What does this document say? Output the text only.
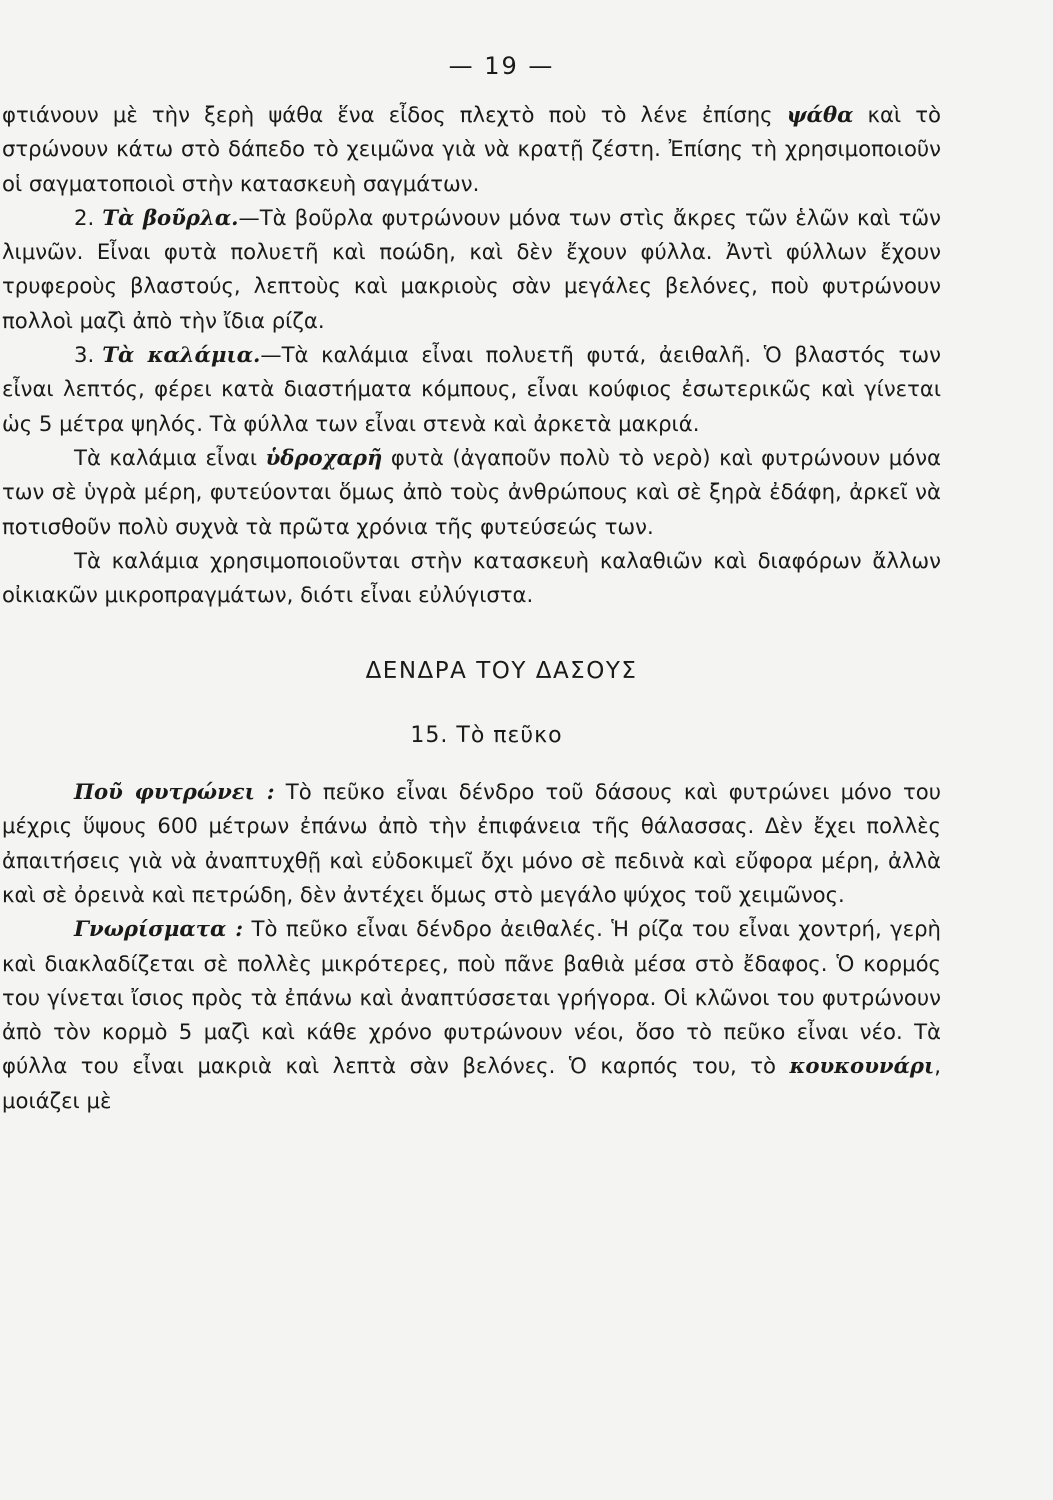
— 19 —

φτιάνουν μὲ τὴν ξερὴ ψάθα ἕνα εἶδος πλεχτὸ ποὺ τὸ λένε ἐπίσης ψάθα καὶ τὸ στρώνουν κάτω στὸ δάπεδο τὸ χειμῶνα γιὰ νὰ κρατῇ ζέστη. Ἐπίσης τὴ χρησιμοποιοῦν οἱ σαγματοποιοὶ στὴν κατασκευὴ σαγμάτων.

2. Τὰ βοῦρλα.—Τὰ βοῦρλα φυτρώνουν μόνα των στὶς ἄκρες τῶν ἑλῶν καὶ τῶν λιμνῶν. Εἶναι φυτὰ πολυετῆ καὶ ποώδη, καὶ δὲν ἔχουν φύλλα. Ἀντὶ φύλλων ἔχουν τρυφεροὺς βλαστούς, λεπτοὺς καὶ μακριοὺς σὰν μεγάλες βελόνες, ποὺ φυτρώνουν πολλοὶ μαζὶ ἀπὸ τὴν ἴδια ρίζα.

3. Τὰ καλάμια.—Τὰ καλάμια εἶναι πολυετῆ φυτά, ἀειθαλῆ. Ὁ βλαστός των εἶναι λεπτός, φέρει κατὰ διαστήματα κόμπους, εἶναι κούφιος ἐσωτερικῶς καὶ γίνεται ὡς 5 μέτρα ψηλός. Τὰ φύλλα των εἶναι στενὰ καὶ ἀρκετὰ μακριά.

Τὰ καλάμια εἶναι ὑδροχαρῆ φυτὰ (ἀγαποῦν πολὺ τὸ νερὸ) καὶ φυτρώνουν μόνα των σὲ ὑγρὰ μέρη, φυτεύονται ὅμως ἀπὸ τοὺς ἀνθρώπους καὶ σὲ ξηρὰ ἐδάφη, ἀρκεῖ νὰ ποτισθοῦν πολὺ συχνὰ τὰ πρῶτα χρόνια τῆς φυτεύσεώς των.

Τὰ καλάμια χρησιμοποιοῦνται στὴν κατασκευὴ καλαθιῶν καὶ διαφόρων ἄλλων οἰκιακῶν μικροπραγμάτων, διότι εἶναι εὐλύγιστα.

ΔΕΝΔΡΑ ΤΟΥ ΔΑΣΟΥΣ
15. Τὸ πεῦκο

Ποῦ φυτρώνει : Τὸ πεῦκο εἶναι δένδρο τοῦ δάσους καὶ φυτρώνει μόνο του μέχρις ὕψους 600 μέτρων ἐπάνω ἀπὸ τὴν ἐπιφάνεια τῆς θάλασσας. Δὲν ἔχει πολλὲς ἀπαιτήσεις γιὰ νὰ ἀναπτυχθῇ καὶ εὐδοκιμεῖ ὄχι μόνο σὲ πεδινὰ καὶ εὔφορα μέρη, ἀλλὰ καὶ σὲ ὀρεινὰ καὶ πετρώδη, δὲν ἀντέχει ὅμως στὸ μεγάλο ψύχος τοῦ χειμῶνος.

Γνωρίσματα : Τὸ πεῦκο εἶναι δένδρο ἀειθαλές. Ἡ ρίζα του εἶναι χοντρή, γερὴ καὶ διακλαδίζεται σὲ πολλὲς μικρότερες, ποὺ πᾶνε βαθιὰ μέσα στὸ ἔδαφος. Ὁ κορμός του γίνεται ἴσιος πρὸς τὰ ἐπάνω καὶ ἀναπτύσσεται γρήγορα. Οἱ κλῶνοι του φυτρώνουν ἀπὸ τὸν κορμὸ 5 μαζὶ καὶ κάθε χρόνο φυτρώνουν νέοι, ὅσο τὸ πεῦκο εἶναι νέο. Τὰ φύλλα του εἶναι μακριὰ καὶ λεπτὰ σὰν βελόνες. Ὁ καρπός του, τὸ κουκουνάρι, μοιάζει μὲ
